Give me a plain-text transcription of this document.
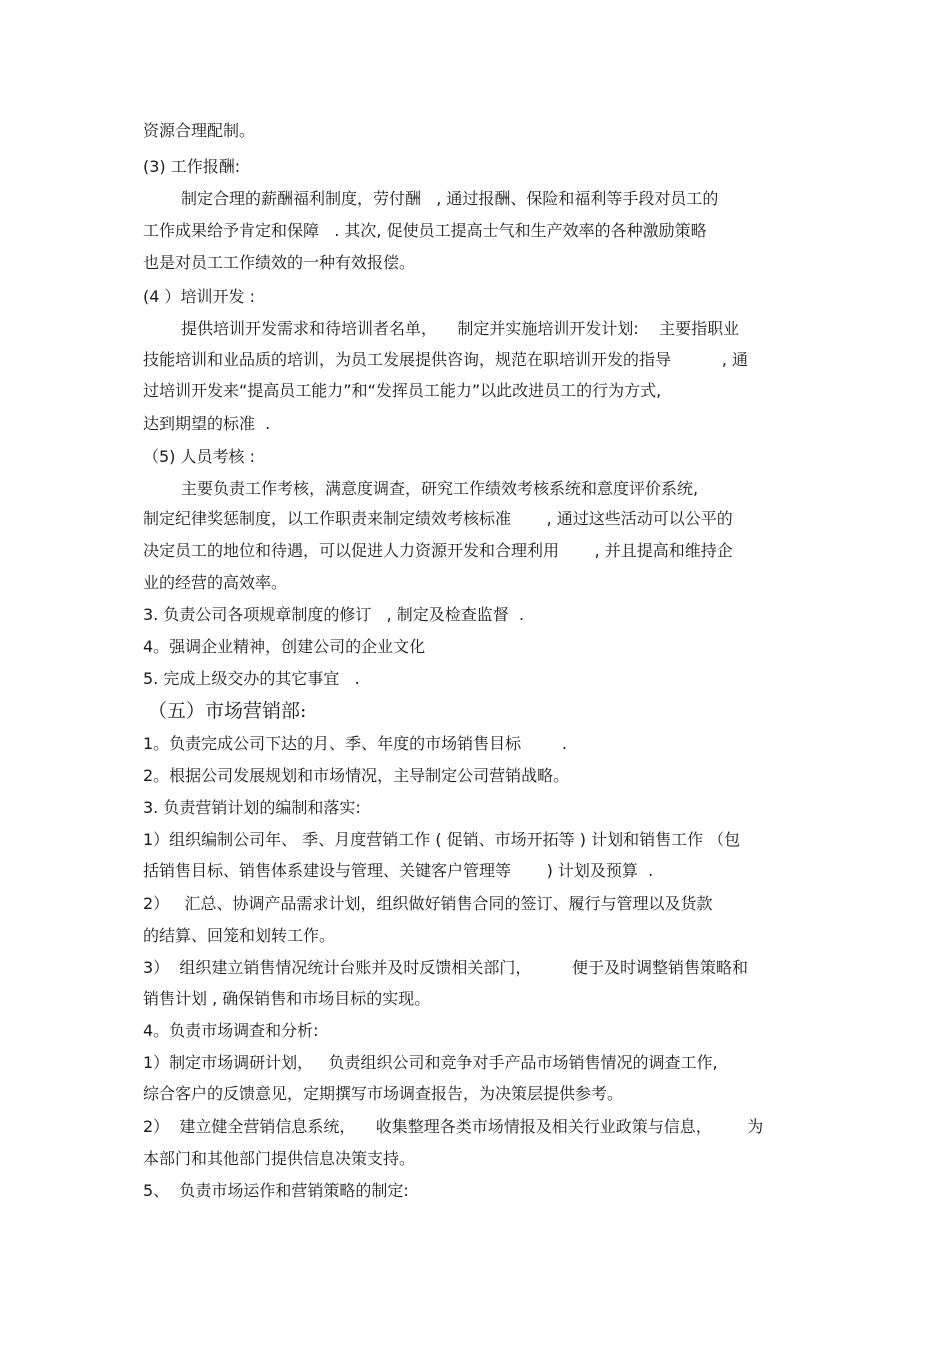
资源合理配制。

(3) 工作报酬:

制定合理的薪酬福利制度，劳付酬   , 通过报酬、保险和福利等手段对员工的

工作成果给予肯定和保障   . 其次, 促使员工提高士气和生产效率的各种激励策略

也是对员工工作绩效的一种有效报偿。

(4 ）培训开发 :

提供培训开发需求和待培训者名单，    制定并实施培训开发计划:    主要指职业

技能培训和业品质的培训，为员工发展提供咨询，规范在职培训开发的指导          , 通

过培训开发来“提高员工能力”和“发挥员工能力”以此改进员工的行为方式,

达到期望的标准  .

（5) 人员考核 :

主要负责工作考核，满意度调查，研究工作绩效考核系统和意度评价系统,

制定纪律奖惩制度，以工作职责来制定绩效考核标准       , 通过这些活动可以公平的

决定员工的地位和待遇，可以促进人力资源开发和合理利用       , 并且提高和维持企

业的经营的高效率。

3. 负责公司各项规章制度的修订   , 制定及检查监督  .

4。强调企业精神，创建公司的企业文化

5. 完成上级交办的其它事宜   .

（五）市场营销部:

1。负责完成公司下达的月、季、年度的市场销售目标        .

2。根据公司发展规划和市场情况，主导制定公司营销战略。

3. 负责营销计划的编制和落实:

1）组织编制公司年、 季、月度营销工作 ( 促销、市场开拓等 ) 计划和销售工作 （包

括销售目标、销售体系建设与管理、关键客户管理等       ) 计划及预算  .

2）   汇总、协调产品需求计划，组织做好销售合同的签订、履行与管理以及货款

的结算、回笼和划转工作。

3）  组织建立销售情况统计台账并及时反馈相关部门，        便于及时调整销售策略和

销售计划 , 确保销售和市场目标的实现。

4。负责市场调查和分析:

1）制定市场调研计划，   负责组织公司和竞争对手产品市场销售情况的调查工作,

综合客户的反馈意见，定期撰写市场调查报告，为决策层提供参考。

2）  建立健全营销信息系统，    收集整理各类市场情报及相关行业政策与信息，       为

本部门和其他部门提供信息决策支持。

5、  负责市场运作和营销策略的制定:
